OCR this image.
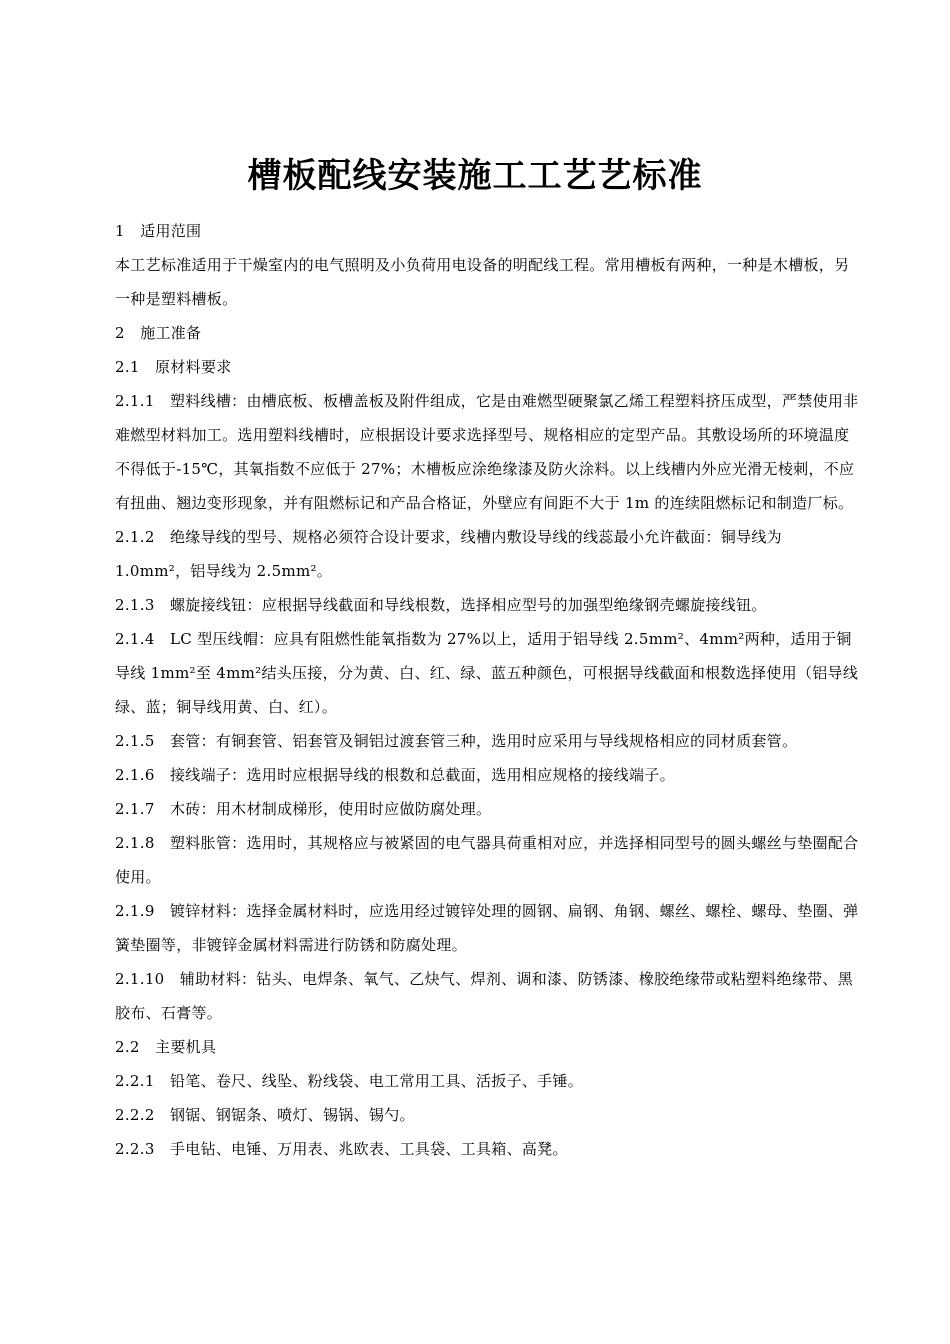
槽板配线安装施工工艺艺标准

1　适用范围

本工艺标准适用于干燥室内的电气照明及小负荷用电设备的明配线工程。常用槽板有两种，一种是木槽板，另一种是塑料槽板。

2　施工准备

2.1　原材料要求

2.1.1　塑料线槽：由槽底板、板槽盖板及附件组成，它是由难燃型硬聚氯乙烯工程塑料挤压成型，严禁使用非难燃型材料加工。选用塑料线槽时，应根据设计要求选择型号、规格相应的定型产品。其敷设场所的环境温度不得低于-15℃，其氧指数不应低于 27%；木槽板应涂绝缘漆及防火涂料。以上线槽内外应光滑无棱刺，不应有扭曲、翘边变形现象，并有阻燃标记和产品合格证，外壁应有间距不大于 1m 的连续阻燃标记和制造厂标。

2.1.2　绝缘导线的型号、规格必须符合设计要求，线槽内敷设导线的线蕊最小允许截面：铜导线为 1.0mm²，铝导线为 2.5mm²。

2.1.3　螺旋接线钮：应根据导线截面和导线根数，选择相应型号的加强型绝缘钢壳螺旋接线钮。

2.1.4　LC 型压线帽：应具有阻燃性能氧指数为 27%以上，适用于铝导线 2.5mm²、4mm²两种，适用于铜导线 1mm²至 4mm²结头压接，分为黄、白、红、绿、蓝五种颜色，可根据导线截面和根数选择使用（铝导线绿、蓝；铜导线用黄、白、红）。

2.1.5　套管：有铜套管、铝套管及铜铝过渡套管三种，选用时应采用与导线规格相应的同材质套管。

2.1.6　接线端子：选用时应根据导线的根数和总截面，选用相应规格的接线端子。

2.1.7　木砖：用木材制成梯形，使用时应做防腐处理。

2.1.8　塑料胀管：选用时，其规格应与被紧固的电气器具荷重相对应，并选择相同型号的圆头螺丝与垫圈配合使用。

2.1.9　镀锌材料：选择金属材料时，应选用经过镀锌处理的圆钢、扁钢、角钢、螺丝、螺栓、螺母、垫圈、弹簧垫圈等，非镀锌金属材料需进行防锈和防腐处理。

2.1.10　辅助材料：钻头、电焊条、氧气、乙炔气、焊剂、调和漆、防锈漆、橡胶绝缘带或粘塑料绝缘带、黑胶布、石膏等。

2.2　主要机具

2.2.1　铅笔、卷尺、线坠、粉线袋、电工常用工具、活扳子、手锤。

2.2.2　钢锯、钢锯条、喷灯、锡锅、锡勺。

2.2.3　手电钻、电锤、万用表、兆欧表、工具袋、工具箱、高凳。
